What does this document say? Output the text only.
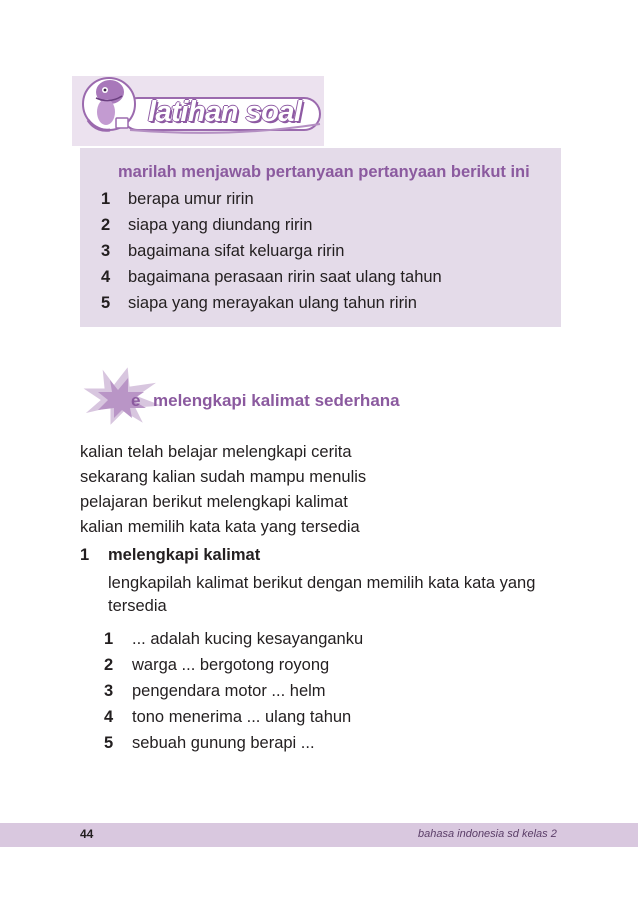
latihan soal
marilah menjawab pertanyaan pertanyaan berikut ini
1 berapa umur ririn
2 siapa yang diundang ririn
3 bagaimana sifat keluarga ririn
4 bagaimana perasaan ririn saat ulang tahun
5 siapa yang merayakan ulang tahun ririn
e melengkapi kalimat sederhana
kalian telah belajar melengkapi cerita
sekarang kalian sudah mampu menulis
pelajaran berikut melengkapi kalimat
kalian memilih kata kata yang tersedia
1 melengkapi kalimat
lengkapilah kalimat berikut dengan memilih kata kata yang
tersedia
1 ... adalah kucing kesayanganku
2 warga ... bergotong royong
3 pengendara motor ... helm
4 tono menerima ... ulang tahun
5 sebuah gunung berapi ...
44	bahasa indonesia sd kelas 2
